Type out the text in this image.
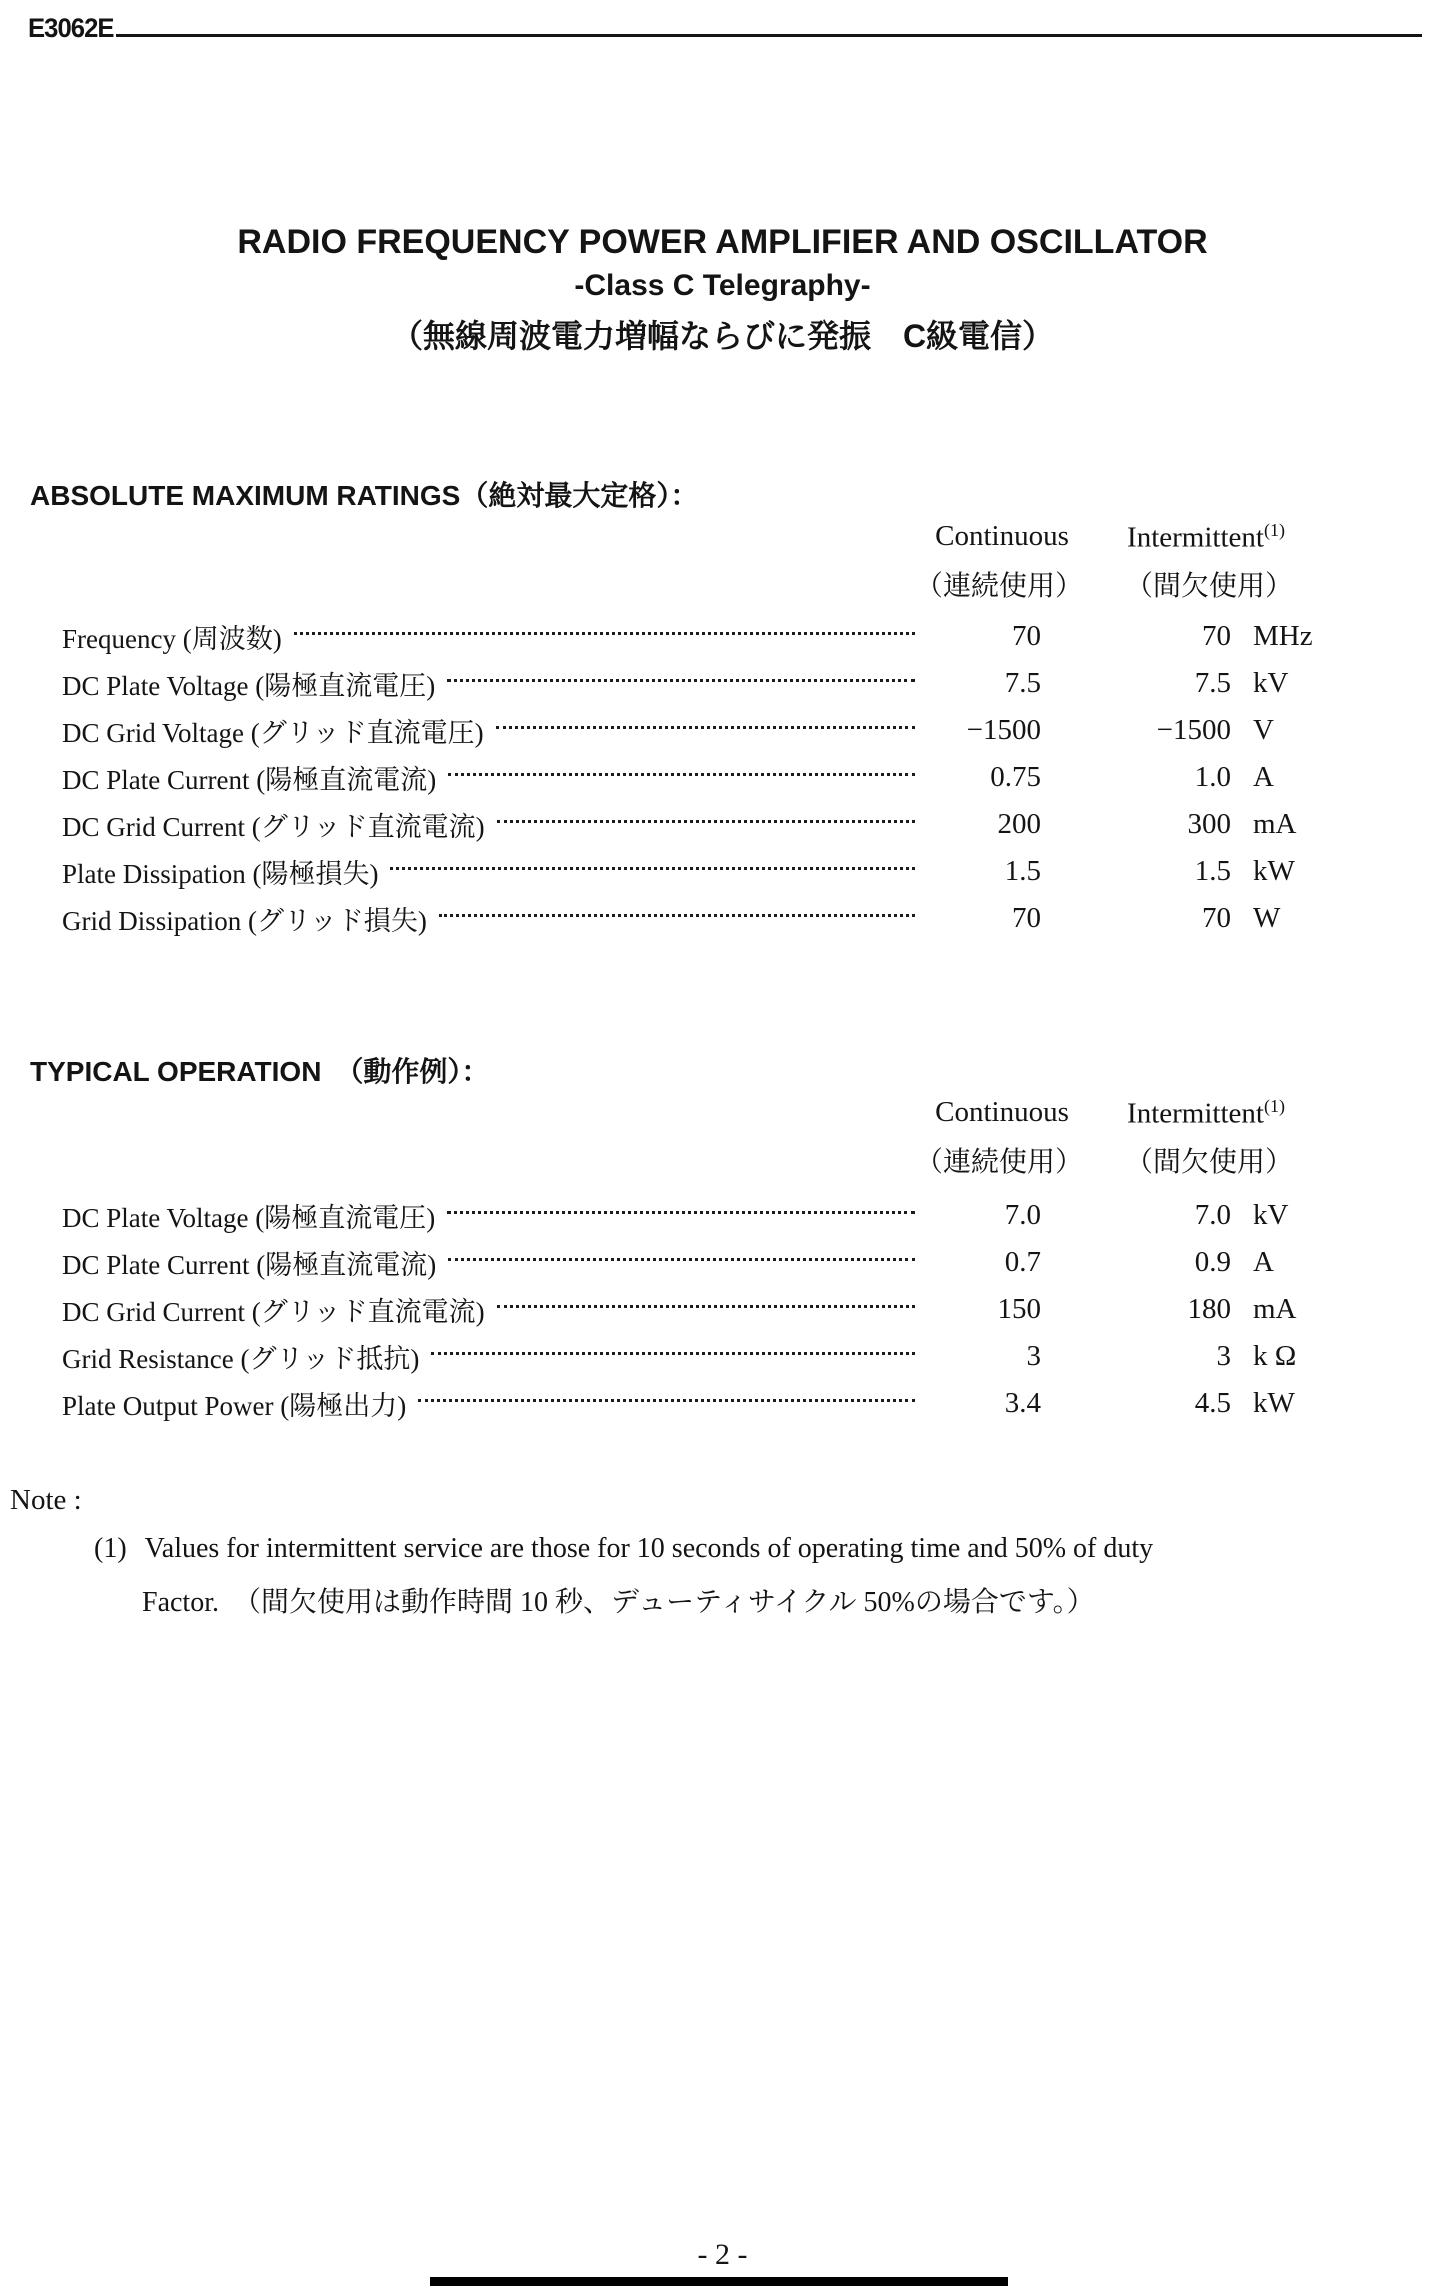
E3062E
RADIO FREQUENCY POWER AMPLIFIER AND OSCILLATOR
-Class C Telegraphy-
（無線周波電力増幅ならびに発振　C級電信）
ABSOLUTE MAXIMUM RATINGS（絶対最大定格）：
Continuous Intermittent$^{(1)}$
（連続使用） （間欠使用）
Frequency (周波数)	70	70 MHz
DC Plate Voltage (陽極直流電圧)	7.5	7.5 kV
DC Grid Voltage (グリッド直流電圧)	−1500	−1500 V
DC Plate Current (陽極直流電流)	0.75	1.0 A
DC Grid Current (グリッド直流電流)	200	300 mA
Plate Dissipation (陽極損失)	1.5	1.5 kW
Grid Dissipation (グリッド損失)	70	70 W
TYPICAL OPERATION　（動作例）：
Continuous Intermittent$^{(1)}$
（連続使用） （間欠使用）
DC Plate Voltage (陽極直流電圧)	7.0	7.0 kV
DC Plate Current (陽極直流電流)	0.7	0.9 A
DC Grid Current (グリッド直流電流)	150	180 mA
Grid Resistance (グリッド抵抗)	3	3 k Ω
Plate Output Power (陽極出力)	3.4	4.5 kW
Note :
(1) Values for intermittent service are those for 10 seconds of operating time and 50% of duty
Factor.　（間欠使用は動作時間 10 秒、デューティサイクル 50%の場合です。）
- 2 -
